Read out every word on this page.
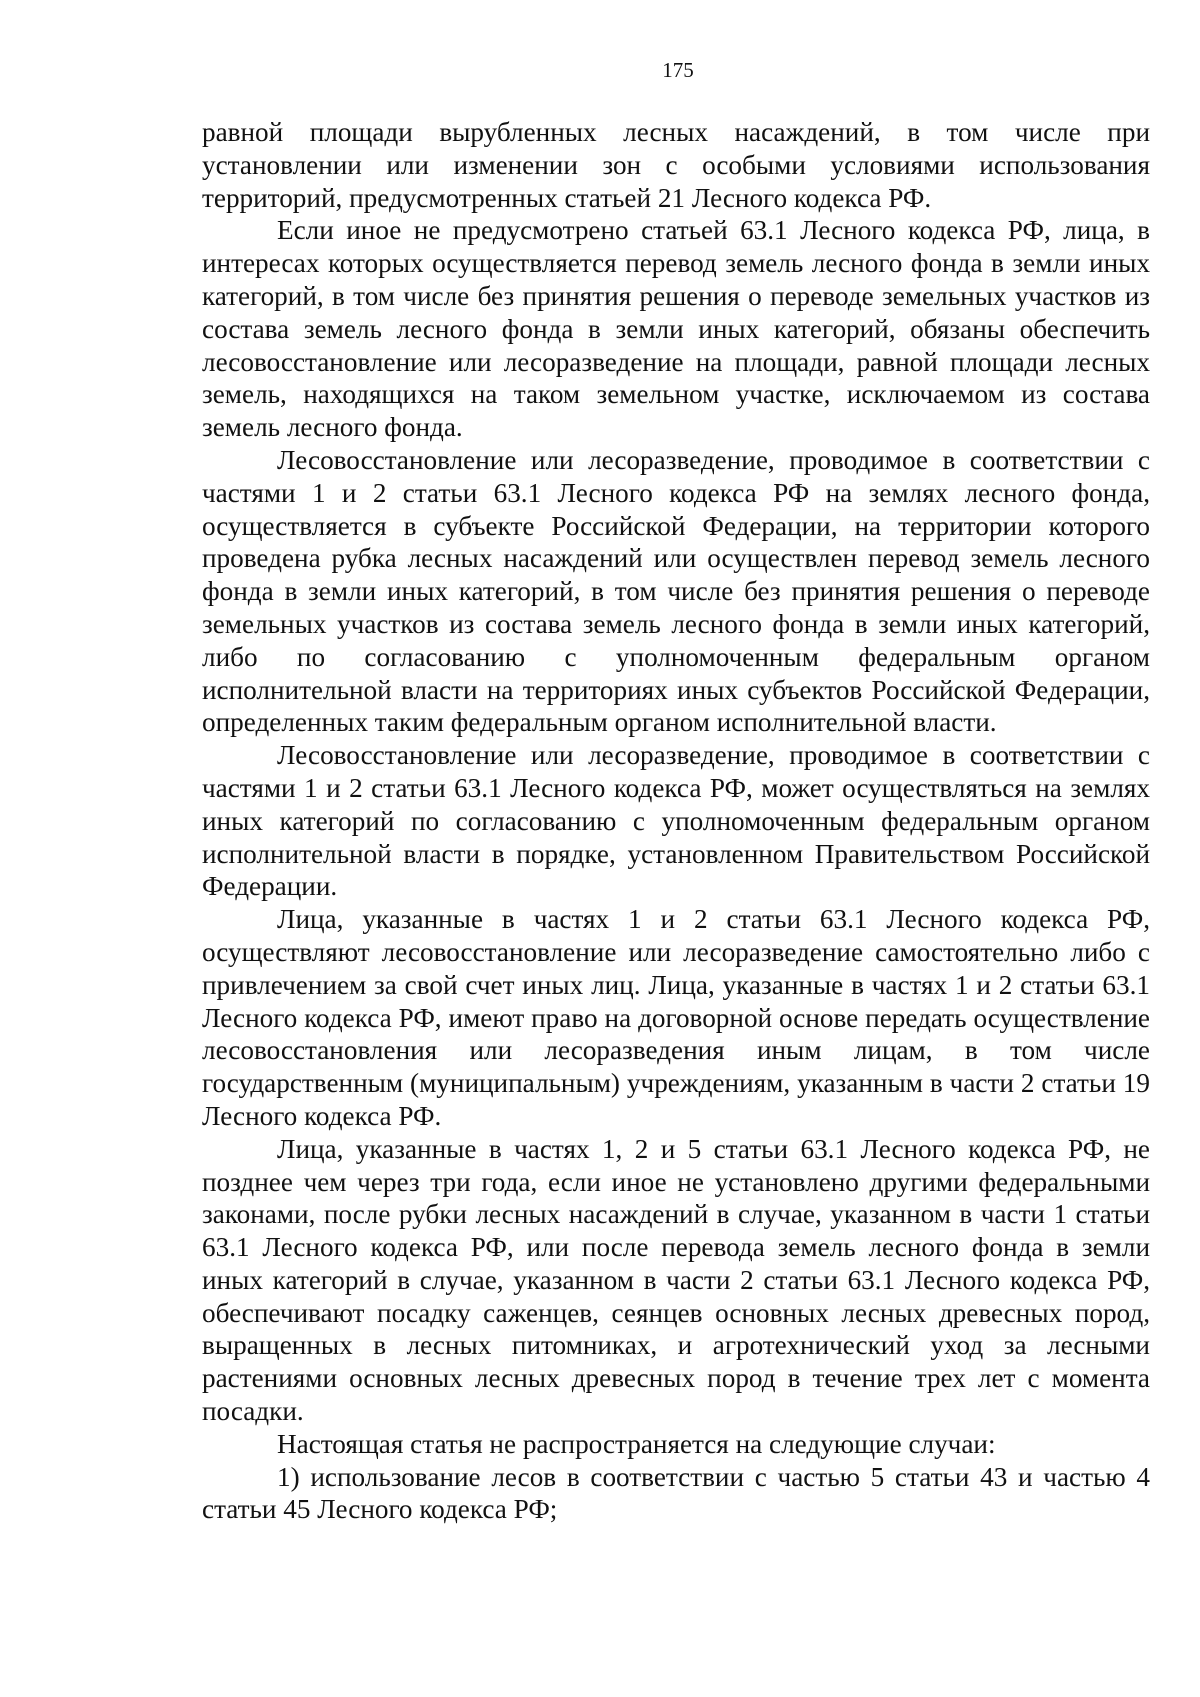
175

равной площади вырубленных лесных насаждений, в том числе при установлении или изменении зон с особыми условиями использования территорий, предусмотренных статьей 21 Лесного кодекса РФ.

Если иное не предусмотрено статьей 63.1 Лесного кодекса РФ, лица, в интересах которых осуществляется перевод земель лесного фонда в земли иных категорий, в том числе без принятия решения о переводе земельных участков из состава земель лесного фонда в земли иных категорий, обязаны обеспечить лесовосстановление или лесоразведение на площади, равной площади лесных земель, находящихся на таком земельном участке, исключаемом из состава земель лесного фонда.

Лесовосстановление или лесоразведение, проводимое в соответствии с частями 1 и 2 статьи 63.1 Лесного кодекса РФ на землях лесного фонда, осуществляется в субъекте Российской Федерации, на территории которого проведена рубка лесных насаждений или осуществлен перевод земель лесного фонда в земли иных категорий, в том числе без принятия решения о переводе земельных участков из состава земель лесного фонда в земли иных категорий, либо по согласованию с уполномоченным федеральным органом исполнительной власти на территориях иных субъектов Российской Федерации, определенных таким федеральным органом исполнительной власти.

Лесовосстановление или лесоразведение, проводимое в соответствии с частями 1 и 2 статьи 63.1 Лесного кодекса РФ, может осуществляться на землях иных категорий по согласованию с уполномоченным федеральным органом исполнительной власти в порядке, установленном Правительством Российской Федерации.

Лица, указанные в частях 1 и 2 статьи 63.1 Лесного кодекса РФ, осуществляют лесовосстановление или лесоразведение самостоятельно либо с привлечением за свой счет иных лиц. Лица, указанные в частях 1 и 2 статьи 63.1 Лесного кодекса РФ, имеют право на договорной основе передать осуществление лесовосстановления или лесоразведения иным лицам, в том числе государственным (муниципальным) учреждениям, указанным в части 2 статьи 19 Лесного кодекса РФ.

Лица, указанные в частях 1, 2 и 5 статьи 63.1 Лесного кодекса РФ, не позднее чем через три года, если иное не установлено другими федеральными законами, после рубки лесных насаждений в случае, указанном в части 1 статьи 63.1 Лесного кодекса РФ, или после перевода земель лесного фонда в земли иных категорий в случае, указанном в части 2 статьи 63.1 Лесного кодекса РФ, обеспечивают посадку саженцев, сеянцев основных лесных древесных пород, выращенных в лесных питомниках, и агротехнический уход за лесными растениями основных лесных древесных пород в течение трех лет с момента посадки.

Настоящая статья не распространяется на следующие случаи:

1) использование лесов в соответствии с частью 5 статьи 43 и частью 4 статьи 45 Лесного кодекса РФ;
